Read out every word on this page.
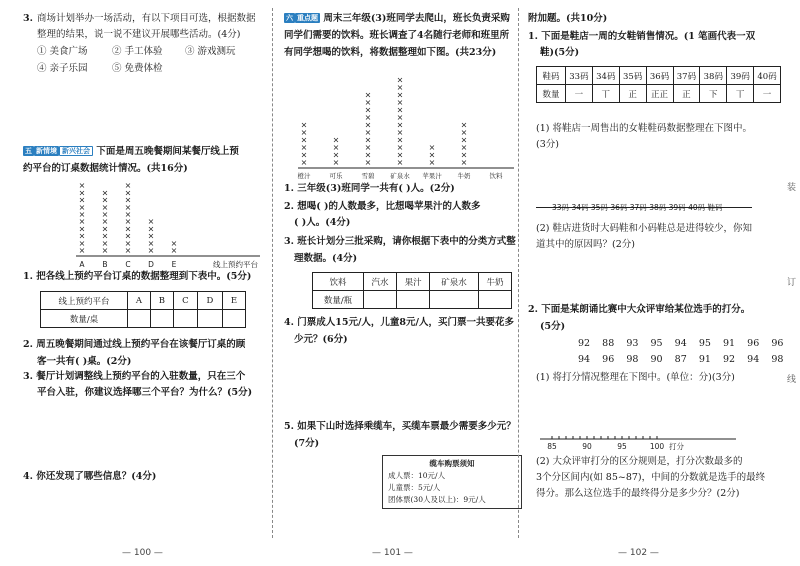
3. 商场计划举办一场活动，有以下项目可选，根据数据
整理的结果，说一说不建议开展哪些活动。(4分)
① 美食广场	② 手工体验 ③ 游戏测玩
④ 亲子乐园	⑤ 免费体检
五 新情境 新兴社会 下面是周五晚餐期间某餐厅线上预
约平台的订桌数据统计情况。(共16分)
×
×
×
×
×
×
×
×
×
×
A
×
×
×
×
×
×
×
×
×
B
×
×
×
×
×
×
×
×
×
×
C
×
×
×
×
×
D
×
×
E	线上预约平台
1. 把各线上预约平台订桌的数据整理到下表中。(5分)
线上预约平台	A	B	C	D	E
数量/桌					
2. 周五晚餐期间通过线上预约平台在该餐厅订桌的顾
客一共有( )桌。(2分)
3. 餐厅计划调整线上预约平台的入驻数量，只在三个
平台入驻，你建议选择哪三个平台？为什么？(5分)
4. 你还发现了哪些信息？(4分)
— 100 —
六 重点题 周末三年级(3)班同学去爬山，班长负责采购
同学们需要的饮料。班长调查了4名随行老师和班里所
有同学想喝的饮料，将数据整理如下图。(共23分)
×
×
×
×
×
×
橙汁
×
×
×
×
可乐
×
×
×
×
×
×
×
×
×
×
雪碧
×
×
×
×
×
×
×
×
×
×
×
×
矿泉水
×
×
×
苹果汁
×
×
×
×
×
×
牛奶	饮料
1. 三年级(3)班同学一共有( )人。(2分)
2. 想喝( )的人数最多，比想喝苹果汁的人数多
( )人。(4分)
3. 班长计划分三批采购，请你根据下表中的分类方式整
理数据。(4分)
饮料	汽水	果汁	矿泉水	牛奶
数量/瓶				
4. 门票成人15元/人，儿童8元/人，买门票一共要花多
少元？(6分)
5. 如果下山时选择乘缆车，买缆车票最少需要多少元？
(7分)
缆车购票须知
成人票：10元/人
儿童票：5元/人
团体票(30人及以上)：9元/人
— 101 —
附加题。(共10分)
1. 下面是鞋店一周的女鞋销售情况。(1 笔画代表一双
鞋)(5分)
鞋码	33码	34码	35码	36码	37码	38码	39码	40码
数量	一	丅	正	正正	正	下	丅	一
(1) 将鞋店一周售出的女鞋鞋码数据整理在下图中。
(3分)
33码 34码 35码 36码 37码 38码 39码 40码 鞋码
(2) 鞋店进货时大码鞋和小码鞋总是进得较少，你知
道其中的原因吗？(2分)
2. 下面是某朗诵比赛中大众评审给某位选手的打分。
(5分)
92    88    93    95    94    95    91    96    96
94    96    98    90    87    91    92    94    98
(1) 将打分情况整理在下图中。(单位：分)(3分)
85	90	95	100 打分
(2) 大众评审打分的区分规则是，打分次数最多的
3个分区间内(如 85~87)，中间的分数就是选手的最终
得分。那么这位选手的最终得分是多少分？(2分)
装
订
线
— 102 —
